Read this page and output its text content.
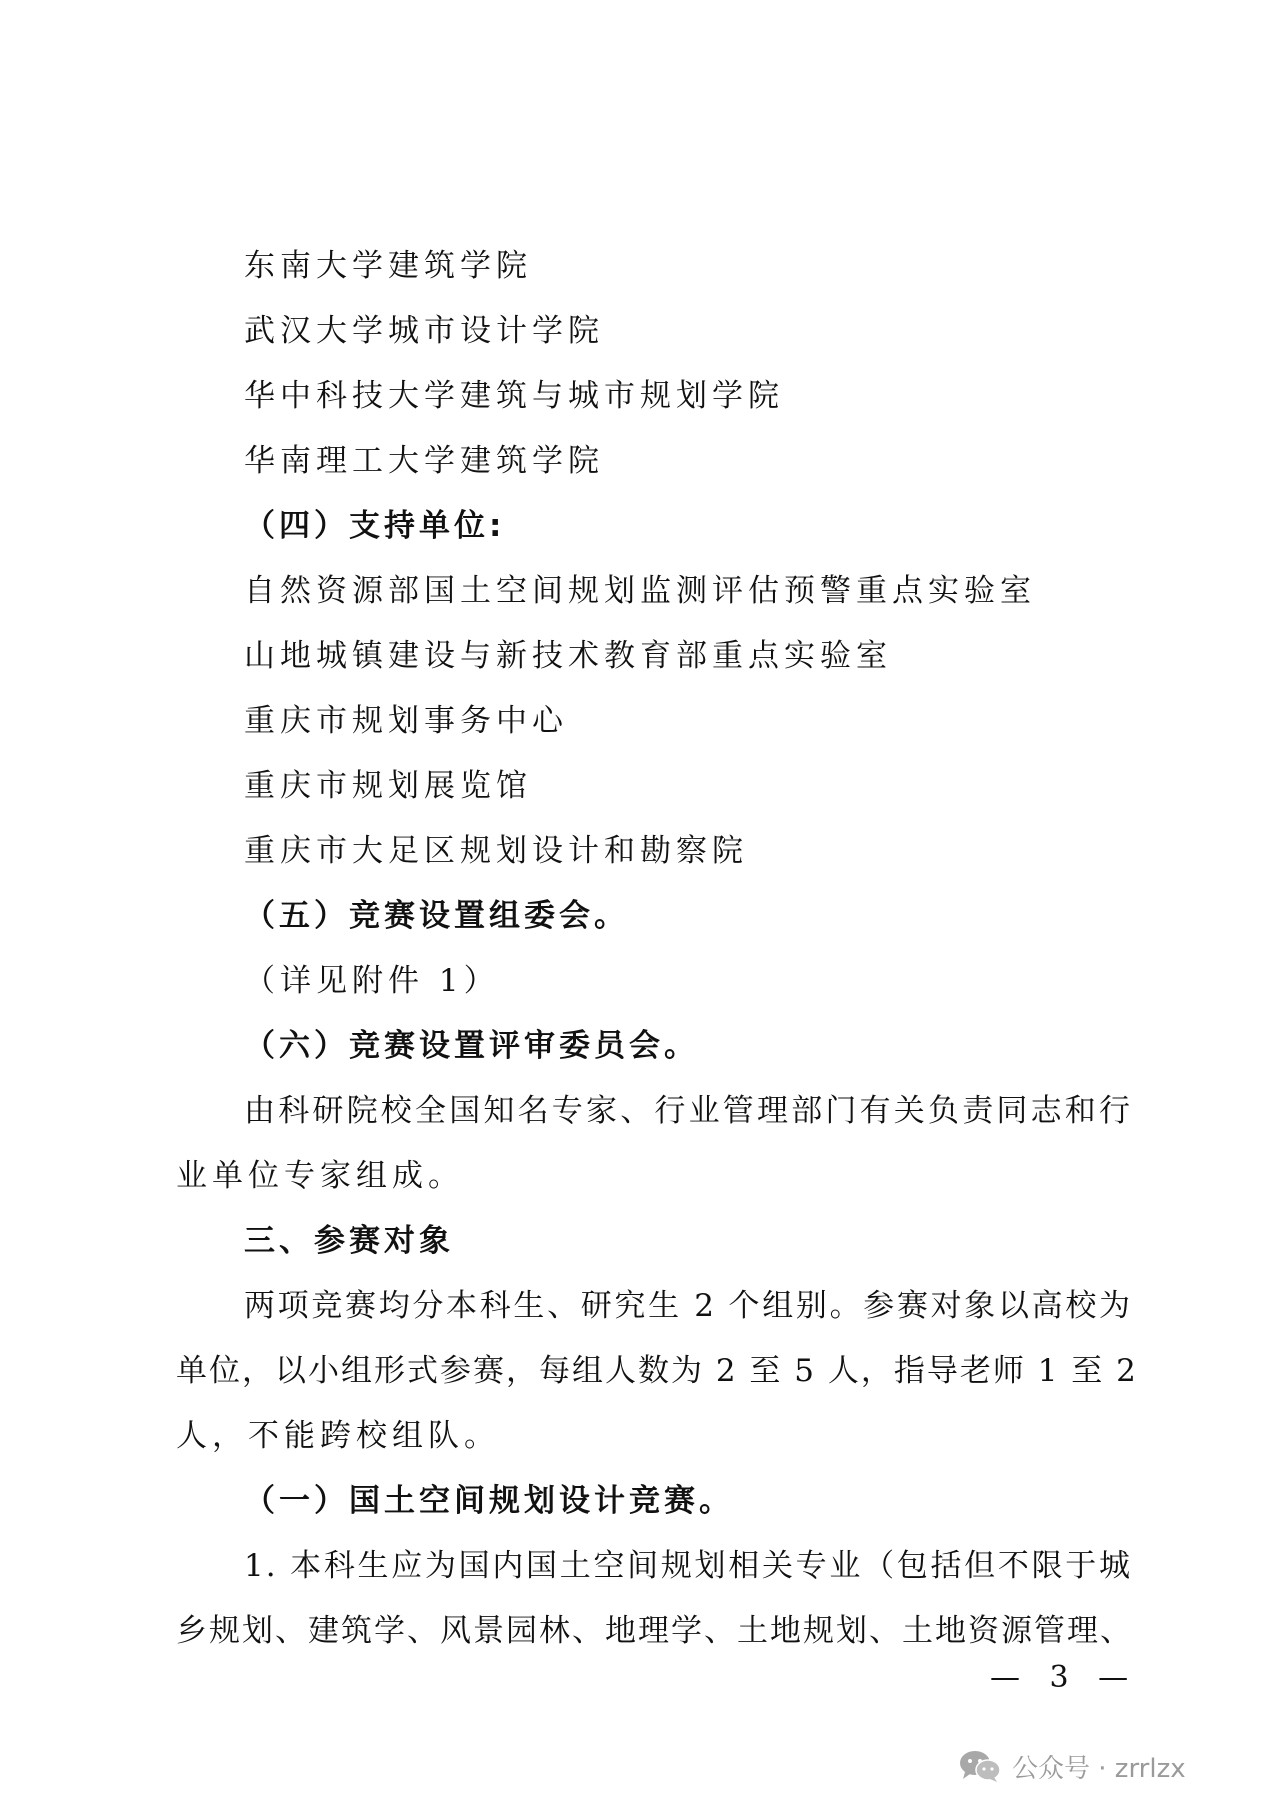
东南大学建筑学院
武汉大学城市设计学院
华中科技大学建筑与城市规划学院
华南理工大学建筑学院
（四）支持单位:
自然资源部国土空间规划监测评估预警重点实验室
山地城镇建设与新技术教育部重点实验室
重庆市规划事务中心
重庆市规划展览馆
重庆市大足区规划设计和勘察院
（五）竞赛设置组委会。
（详见附件 1）
（六）竞赛设置评审委员会。
由科研院校全国知名专家、行业管理部门有关负责同志和行
业单位专家组成。
三、参赛对象
两项竞赛均分本科生、研究生 2 个组别。参赛对象以高校为
单位，以小组形式参赛，每组人数为 2 至 5 人，指导老师 1 至 2
人，不能跨校组队。
（一）国土空间规划设计竞赛。
1. 本科生应为国内国土空间规划相关专业（包括但不限于城
乡规划、建筑学、风景园林、地理学、土地规划、土地资源管理、
— 3 —
公众号 · zrrlzx
